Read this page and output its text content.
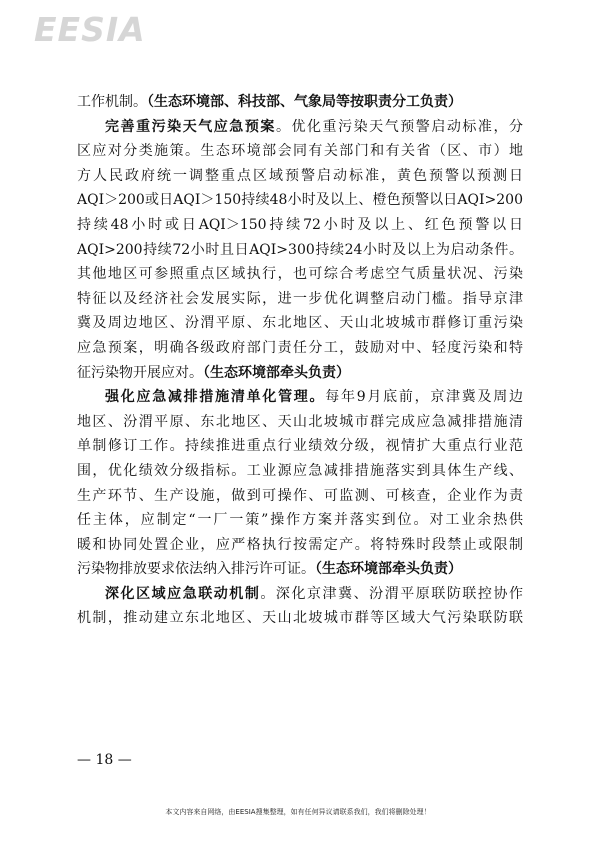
EESIA
工作机制。（生态环境部、科技部、气象局等按职责分工负责）
完善重污染天气应急预案。优化重污染天气预警启动标准，分
区应对分类施策。生态环境部会同有关部门和有关省（区、市）地
方人民政府统一调整重点区域预警启动标准，黄色预警以预测日
AQI＞200或日AQI＞150持续48小时及以上、橙色预警以日AQI>200
持续48小时或日AQI＞150持续72小时及以上、红色预警以日
AQI>200持续72小时且日AQI>300持续24小时及以上为启动条件。
其他地区可参照重点区域执行，也可综合考虑空气质量状况、污染
特征以及经济社会发展实际，进一步优化调整启动门槛。指导京津
冀及周边地区、汾渭平原、东北地区、天山北坡城市群修订重污染
应急预案，明确各级政府部门责任分工，鼓励对中、轻度污染和特
征污染物开展应对。（生态环境部牵头负责）
强化应急减排措施清单化管理。每年9月底前，京津冀及周边
地区、汾渭平原、东北地区、天山北坡城市群完成应急减排措施清
单制修订工作。持续推进重点行业绩效分级，视情扩大重点行业范
围，优化绩效分级指标。工业源应急减排措施落实到具体生产线、
生产环节、生产设施，做到可操作、可监测、可核查，企业作为责
任主体，应制定“一厂一策”操作方案并落实到位。对工业余热供
暖和协同处置企业，应严格执行按需定产。将特殊时段禁止或限制
污染物排放要求依法纳入排污许可证。（生态环境部牵头负责）
深化区域应急联动机制。深化京津冀、汾渭平原联防联控协作
机制，推动建立东北地区、天山北坡城市群等区域大气污染联防联
— 18 —
本文内容来自网络，由EESIA搜集整理，如有任何异议请联系我们，我们将删除处理！
